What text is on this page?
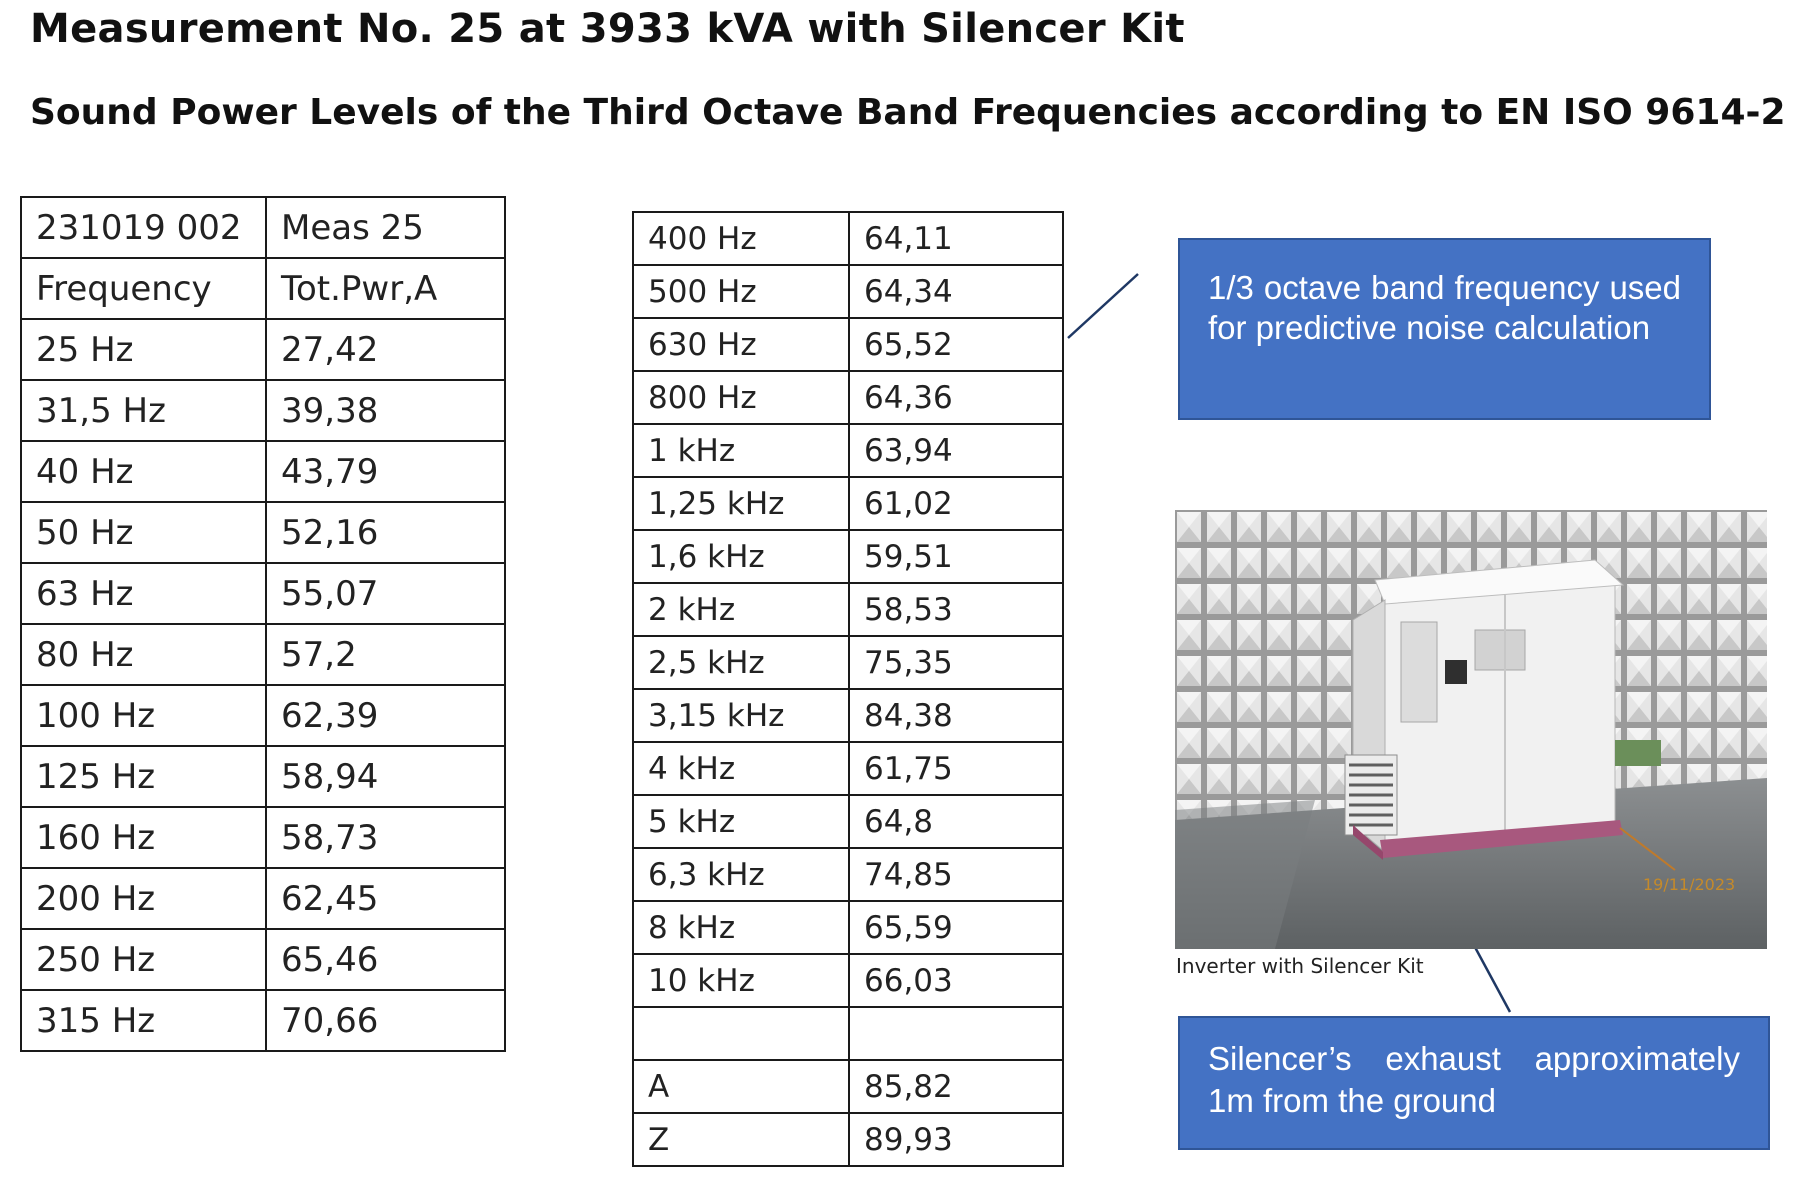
Measurement No. 25 at 3933 kVA with Silencer Kit
Sound Power Levels of the Third Octave Band Frequencies according to EN ISO 9614-2
231019 002	Meas 25
Frequency	Tot.Pwr,A
25 Hz	27,42
31,5 Hz	39,38
40 Hz	43,79
50 Hz	52,16
63 Hz	55,07
80 Hz	57,2
100 Hz	62,39
125 Hz	58,94
160 Hz	58,73
200 Hz	62,45
250 Hz	65,46
315 Hz	70,66
400 Hz	64,11
500 Hz	64,34
630 Hz	65,52
800 Hz	64,36
1 kHz	63,94
1,25 kHz	61,02
1,6 kHz	59,51
2 kHz	58,53
2,5 kHz	75,35
3,15 kHz	84,38
4 kHz	61,75
5 kHz	64,8
6,3 kHz	74,85
8 kHz	65,59
10 kHz	66,03

A	85,82
Z	89,93
1/3 octave band frequency used for predictive noise calculation
19/11/2023
Inverter with Silencer Kit
Silencer’s exhaust approximately 1m from the ground
